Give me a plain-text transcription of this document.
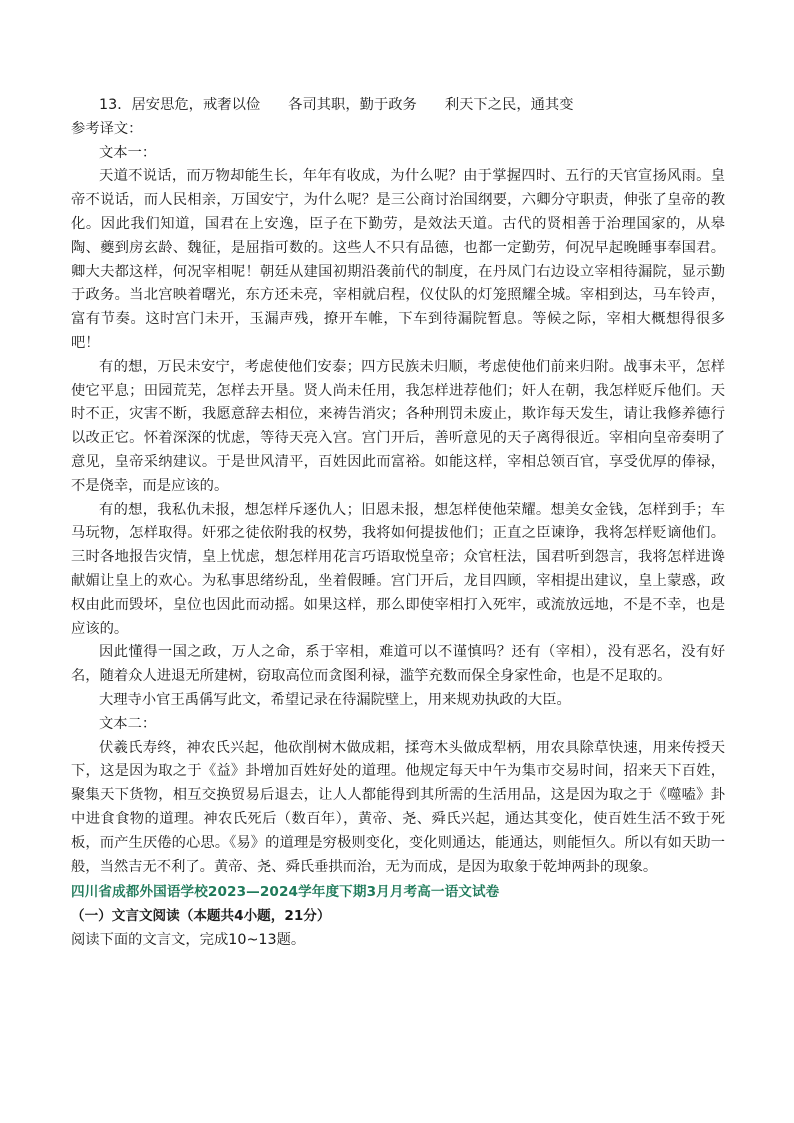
13．居安思危，戒奢以俭 各司其职，勤于政务 利天下之民，通其变

参考译文：

文本一：

天道不说话，而万物却能生长，年年有收成，为什么呢？由于掌握四时、五行的天官宣扬风雨。皇帝不说话，而人民相亲，万国安宁，为什么呢？是三公商讨治国纲要，六卿分守职责，伸张了皇帝的教化。因此我们知道，国君在上安逸，臣子在下勤劳，是效法天道。古代的贤相善于治理国家的，从皋陶、夔到房玄龄、魏征，是屈指可数的。这些人不只有品德，也都一定勤劳，何况早起晚睡事奉国君。卿大夫都这样，何况宰相呢！朝廷从建国初期沿袭前代的制度，在丹凤门右边设立宰相待漏院，显示勤于政务。当北宫映着曙光，东方还未亮，宰相就启程，仪仗队的灯笼照耀全城。宰相到达，马车铃声，富有节奏。这时宫门未开，玉漏声残，撩开车帷，下车到待漏院暂息。等候之际，宰相大概想得很多吧！

有的想，万民未安宁，考虑使他们安泰；四方民族未归顺，考虑使他们前来归附。战事未平，怎样使它平息；田园荒芜，怎样去开垦。贤人尚未任用，我怎样进荐他们；奸人在朝，我怎样贬斥他们。天时不正，灾害不断，我愿意辞去相位，来祷告消灾；各种刑罚未废止，欺诈每天发生，请让我修养德行以改正它。怀着深深的忧虑，等待天亮入宫。宫门开后，善听意见的天子离得很近。宰相向皇帝奏明了意见，皇帝采纳建议。于是世风清平，百姓因此而富裕。如能这样，宰相总领百官，享受优厚的俸禄，不是侥幸，而是应该的。

有的想，我私仇未报，想怎样斥逐仇人；旧恩未报，想怎样使他荣耀。想美女金钱，怎样到手；车马玩物，怎样取得。奸邪之徒依附我的权势，我将如何提拔他们；正直之臣谏诤，我将怎样贬谪他们。三时各地报告灾情，皇上忧虑，想怎样用花言巧语取悦皇帝；众官枉法，国君听到怨言，我将怎样进谗献媚让皇上的欢心。为私事思绪纷乱，坐着假睡。宫门开后，龙目四顾，宰相提出建议，皇上蒙惑，政权由此而毁坏，皇位也因此而动摇。如果这样，那么即使宰相打入死牢，或流放远地，不是不幸，也是应该的。

因此懂得一国之政，万人之命，系于宰相，难道可以不谨慎吗？还有（宰相），没有恶名，没有好名，随着众人进退无所建树，窃取高位而贪图利禄，滥竽充数而保全身家性命，也是不足取的。

大理寺小官王禹偁写此文，希望记录在待漏院壁上，用来规劝执政的大臣。

文本二：

伏羲氏寿终，神农氏兴起，他砍削树木做成耜，揉弯木头做成犁柄，用农具除草快速，用来传授天下，这是因为取之于《益》卦增加百姓好处的道理。他规定每天中午为集市交易时间，招来天下百姓，聚集天下货物，相互交换贸易后退去，让人人都能得到其所需的生活用品，这是因为取之于《噬嗑》卦中进食食物的道理。神农氏死后（数百年），黄帝、尧、舜氏兴起，通达其变化，使百姓生活不致于死板，而产生厌倦的心思。《易》的道理是穷极则变化，变化则通达，能通达，则能恒久。所以有如天助一般，当然吉无不利了。黄帝、尧、舜氏垂拱而治，无为而成，是因为取象于乾坤两卦的现象。

四川省成都外国语学校2023—2024学年度下期3月月考高一语文试卷

（一）文言文阅读（本题共4小题，21分）

阅读下面的文言文，完成10~13题。
